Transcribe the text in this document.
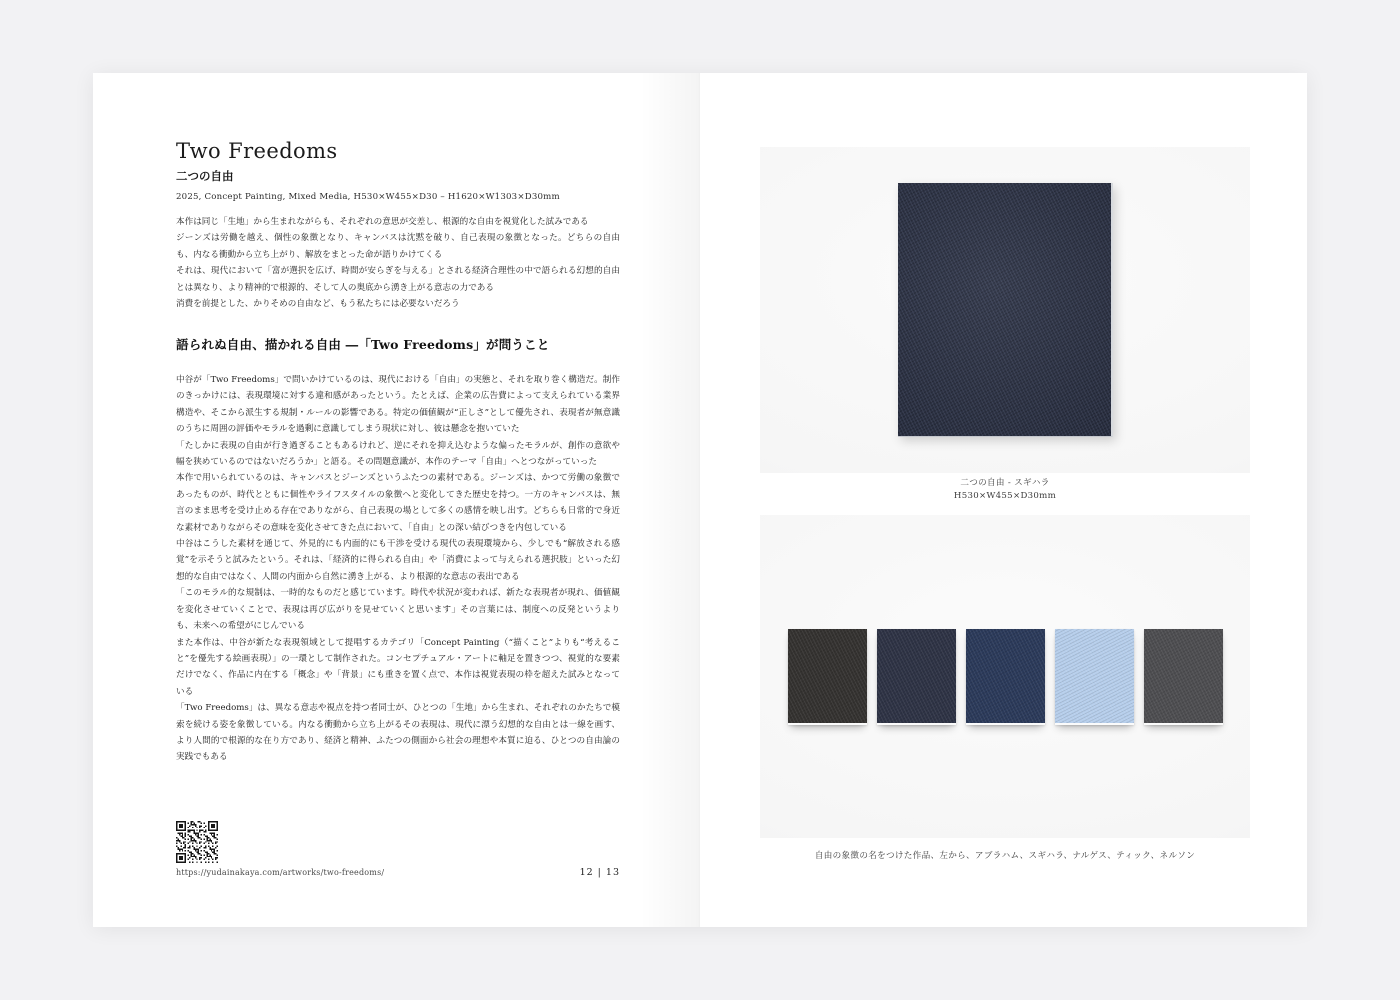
Two Freedoms
二つの自由
2025, Concept Painting, Mixed Media, H530×W455×D30 – H1620×W1303×D30mm

本作は同じ「生地」から生まれながらも、それぞれの意思が交差し、根源的な自由を視覚化した試みである

ジーンズは労働を越え、個性の象徴となり、キャンバスは沈黙を破り、自己表現の象徴となった。どちらの自由も、内なる衝動から立ち上がり、解放をまとった命が語りかけてくる

それは、現代において「富が選択を広げ、時間が安らぎを与える」とされる経済合理性の中で語られる幻想的自由とは異なり、より精神的で根源的、そして人の奥底から湧き上がる意志の力である

消費を前提とした、かりそめの自由など、もう私たちには必要ないだろう

語られぬ自由、描かれる自由 ―「Two Freedoms」が問うこと

中谷が「Two Freedoms」で問いかけているのは、現代における「自由」の実態と、それを取り巻く構造だ。制作のきっかけには、表現環境に対する違和感があったという。たとえば、企業の広告費によって支えられている業界構造や、そこから派生する規制・ルールの影響である。特定の価値観が“正しさ”として優先され、表現者が無意識のうちに周囲の評価やモラルを過剰に意識してしまう現状に対し、彼は懸念を抱いていた

「たしかに表現の自由が行き過ぎることもあるけれど、逆にそれを抑え込むような偏ったモラルが、創作の意欲や幅を狭めているのではないだろうか」と語る。その問題意識が、本作のテーマ「自由」へとつながっていった

本作で用いられているのは、キャンバスとジーンズというふたつの素材である。ジーンズは、かつて労働の象徴であったものが、時代とともに個性やライフスタイルの象徴へと変化してきた歴史を持つ。一方のキャンバスは、無言のまま思考を受け止める存在でありながら、自己表現の場として多くの感情を映し出す。どちらも日常的で身近な素材でありながらその意味を変化させてきた点において、「自由」との深い結びつきを内包している

中谷はこうした素材を通じて、外見的にも内面的にも干渉を受ける現代の表現環境から、少しでも“解放される感覚”を示そうと試みたという。それは、「経済的に得られる自由」や「消費によって与えられる選択肢」といった幻想的な自由ではなく、人間の内面から自然に湧き上がる、より根源的な意志の表出である

「このモラル的な規制は、一時的なものだと感じています。時代や状況が変われば、新たな表現者が現れ、価値観を変化させていくことで、表現は再び広がりを見せていくと思います」その言葉には、制度への反発というよりも、未来への希望がにじんでいる

また本作は、中谷が新たな表現領域として提唱するカテゴリ「Concept Painting（“描くこと”よりも“考えること”を優先する絵画表現）」の一環として制作された。コンセプチュアル・アートに軸足を置きつつ、視覚的な要素だけでなく、作品に内在する「概念」や「背景」にも重きを置く点で、本作は視覚表現の枠を超えた試みとなっている

「Two Freedoms」は、異なる意志や視点を持つ者同士が、ひとつの「生地」から生まれ、それぞれのかたちで模索を続ける姿を象徴している。内なる衝動から立ち上がるその表現は、現代に漂う幻想的な自由とは一線を画す、より人間的で根源的な在り方であり、経済と精神、ふたつの側面から社会の理想や本質に迫る、ひとつの自由論の実践でもある

https://yudainakaya.com/artworks/two-freedoms/	12 | 13
二つの自由 - スギハラ
H530×W455×D30mm
自由の象徴の名をつけた作品、左から、アブラハム、スギハラ、ナルゲス、ティック、ネルソン
